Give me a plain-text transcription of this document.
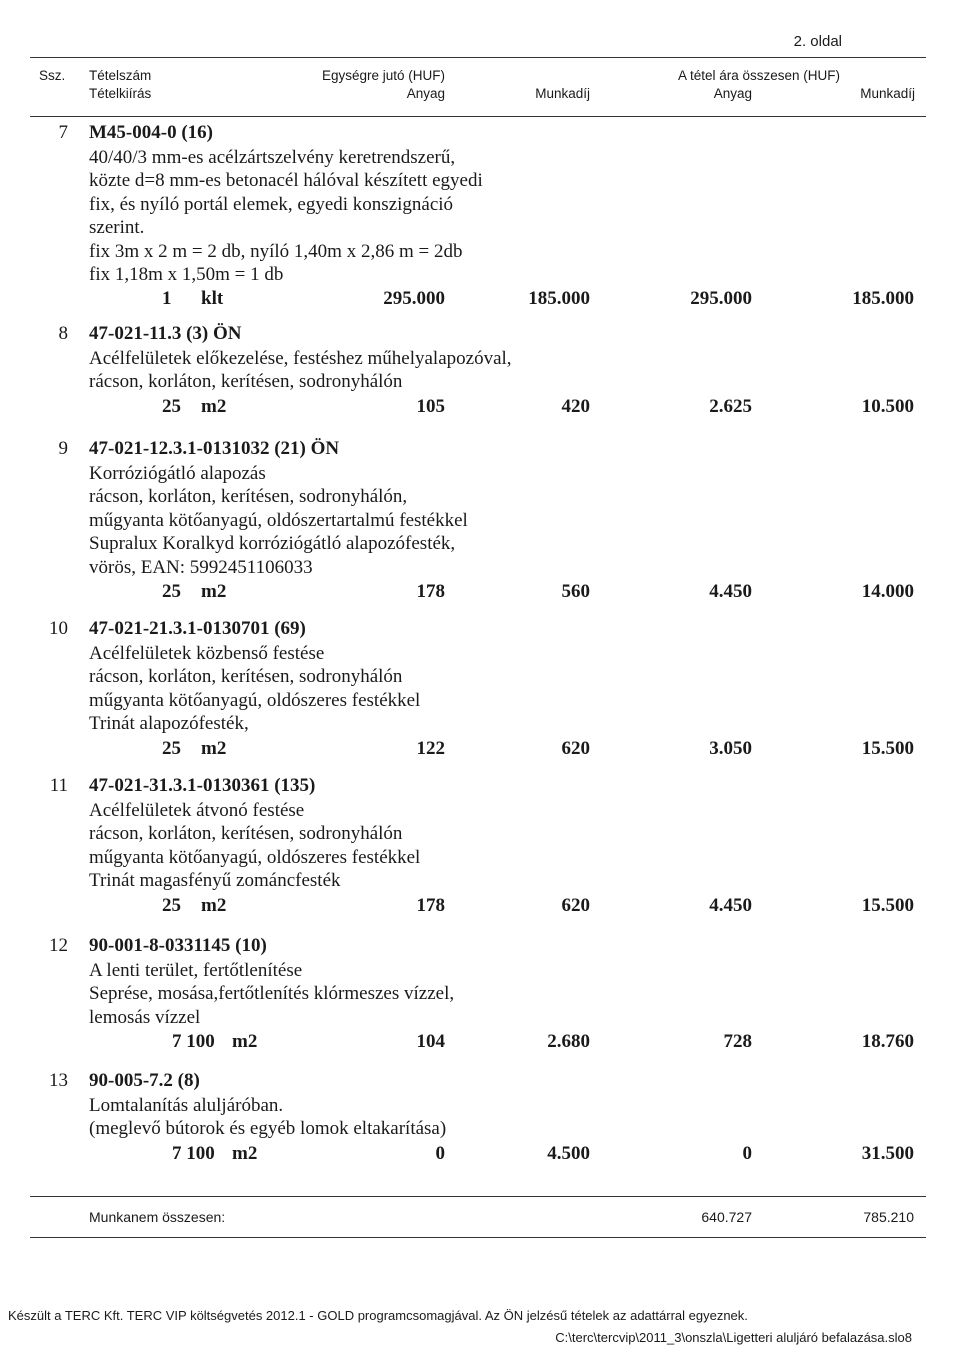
2. oldal
Ssz. Tételszám
Tételkiírás
Egységre jutó (HUF)
Anyag	Munkadíj
A tétel ára összesen (HUF)
Anyag	Munkadíj
7 M45-004-0 (16)
40/40/3 mm-es acélzártszelvény keretrendszerű,
közte d=8 mm-es betonacél hálóval készített egyedi
fix, és nyíló portál elemek, egyedi konszignáció
szerint.
fix 3m x 2 m = 2 db, nyíló 1,40m x 2,86 m = 2db
fix 1,18m x 1,50m = 1 db
1 klt	295.000	185.000	295.000	185.000
8 47-021-11.3 (3) ÖN
Acélfelületek előkezelése, festéshez műhelyalapozóval,
rácson, korláton, kerítésen, sodronyhálón
25 m2	105	420	2.625	10.500
9 47-021-12.3.1-0131032 (21) ÖN
Korróziógátló alapozás
rácson, korláton, kerítésen, sodronyhálón,
műgyanta kötőanyagú, oldószertartalmú festékkel
Supralux Koralkyd korróziógátló alapozófesték,
vörös, EAN: 5992451106033
25 m2	178	560	4.450	14.000
10 47-021-21.3.1-0130701 (69)
Acélfelületek közbenső festése
rácson, korláton, kerítésen, sodronyhálón
műgyanta kötőanyagú, oldószeres festékkel
Trinát alapozófesték,
25 m2	122	620	3.050	15.500
11 47-021-31.3.1-0130361 (135)
Acélfelületek átvonó festése
rácson, korláton, kerítésen, sodronyhálón
műgyanta kötőanyagú, oldószeres festékkel
Trinát magasfényű zománcfesték
25 m2	178	620	4.450	15.500
12 90-001-8-0331145 (10)
A lenti terület, fertőtlenítése
Seprése, mosása,fertőtlenítés klórmeszes vízzel,
lemosás vízzel
7 100 m2	104	2.680	728	18.760
13 90-005-7.2 (8)
Lomtalanítás aluljáróban.
(meglevő bútorok és egyéb lomok eltakarítása)
7 100 m2	0	4.500	0	31.500
Munkanem összesen:	640.727	785.210
Készült a TERC Kft. TERC VIP költségvetés 2012.1 - GOLD programcsomagjával. Az ÖN jelzésű tételek az adattárral egyeznek.
C:\terc\tercvip\2011_3\onszla\Ligetteri aluljáró befalazása.slo8
